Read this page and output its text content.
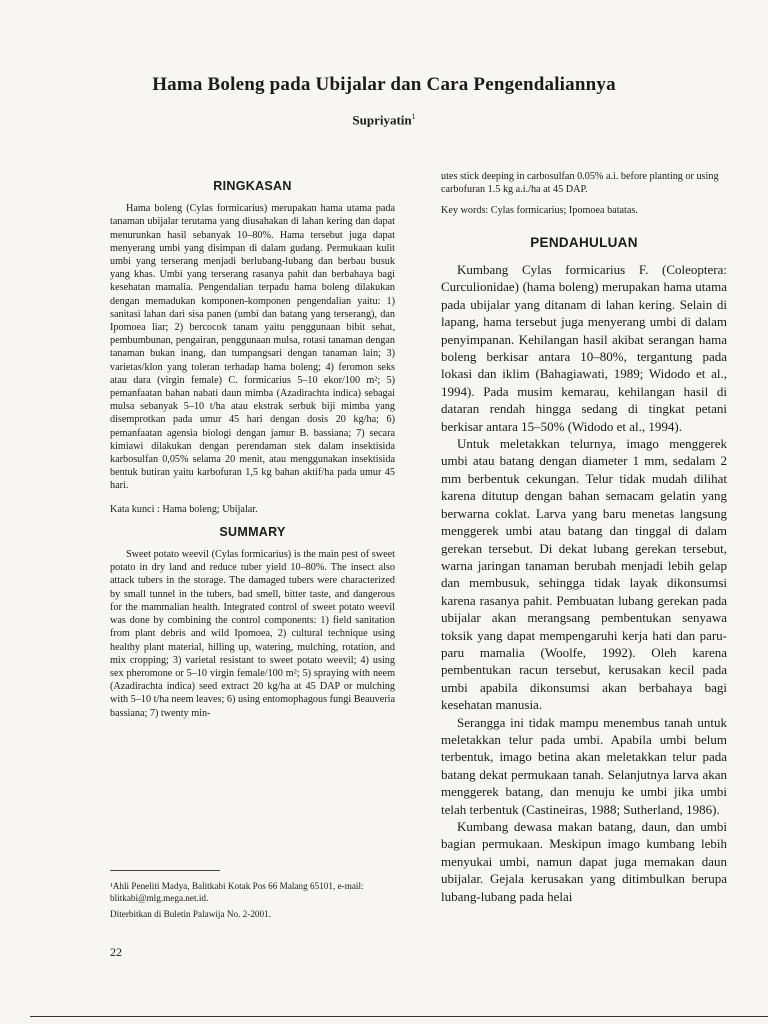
Hama Boleng pada Ubijalar dan Cara Pengendaliannya
Supriyatin$^1$
RINGKASAN

Hama boleng (Cylas formicarius) merupakan hama utama pada tanaman ubijalar terutama yang diusahakan di lahan kering dan dapat menurunkan hasil sebanyak 10–80%. Hama tersebut juga dapat menyerang umbi yang disimpan di dalam gudang. Permukaan kulit umbi yang terserang menjadi berlubang-lubang dan berbau busuk yang khas. Umbi yang terserang rasanya pahit dan berbahaya bagi kesehatan mamalia. Pengendalian terpadu hama boleng dilakukan dengan memadukan komponen-komponen pengendalian yaitu: 1) sanitasi lahan dari sisa panen (umbi dan batang yang terserang), dan Ipomoea liar; 2) bercocok tanam yaitu penggunaan bibit sehat, pembumbunan, pengairan, penggunaan mulsa, rotasi tanaman dengan tanaman bukan inang, dan tumpangsari dengan tanaman lain; 3) varietas/klon yang toleran terhadap hama boleng; 4) feromon seks atau dara (virgin female) C. formicarius 5–10 ekor/100 m²; 5) pemanfaatan bahan nabati daun mimba (Azadirachta indica) sebagai mulsa sebanyak 5–10 t/ha atau ekstrak serbuk biji mimba yang disemprotkan pada umur 45 hari dengan dosis 20 kg/ha; 6) pemanfaatan agensia biologi dengan jamur B. bassiana; 7) secara kimiawi dilakukan dengan perendaman stek dalam insektisida karbosulfan 0,05% selama 20 menit, atau menggunakan insektisida bentuk butiran yaitu karbofuran 1,5 kg bahan aktif/ha pada umur 45 hari.

Kata kunci : Hama boleng; Ubijalar.

SUMMARY

Sweet potato weevil (Cylas formicarius) is the main pest of sweet potato in dry land and reduce tuber yield 10–80%. The insect also attack tubers in the storage. The damaged tubers were characterized by small tunnel in the tubers, bad smell, bitter taste, and dangerous for the mammalian health. Integrated control of sweet potato weevil was done by combining the control components: 1) field sanitation from plant debris and wild Ipomoea, 2) cultural technique using healthy plant material, hilling up, watering, mulching, rotation, and mix cropping; 3) varietal resistant to sweet potato weevil; 4) using sex pheromone or 5–10 virgin female/100 m²; 5) spraying with neem (Azadirachta indica) seed extract 20 kg/ha at 45 DAP or mulching with 5–10 t/ha neem leaves; 6) using entomophagous fungi Beauveria bassiana; 7) twenty min-

utes stick deeping in carbosulfan 0.05% a.i. before planting or using carbofuran 1.5 kg a.i./ha at 45 DAP.

Key words: Cylas formicarius; Ipomoea batatas.

PENDAHULUAN

Kumbang Cylas formicarius F. (Coleoptera: Curculionidae) (hama boleng) merupakan hama utama pada ubijalar yang ditanam di lahan kering. Selain di lapang, hama tersebut juga menyerang umbi di dalam penyimpanan. Kehilangan hasil akibat serangan hama boleng berkisar antara 10–80%, tergantung pada lokasi dan iklim (Bahagiawati, 1989; Widodo et al., 1994). Pada musim kemarau, kehilangan hasil di dataran rendah hingga sedang di tingkat petani berkisar antara 15–50% (Widodo et al., 1994).

Untuk meletakkan telurnya, imago menggerek umbi atau batang dengan diameter 1 mm, sedalam 2 mm berbentuk cekungan. Telur tidak mudah dilihat karena ditutup dengan bahan semacam gelatin yang berwarna coklat. Larva yang baru menetas langsung menggerek umbi atau batang dan tinggal di dalam gerekan tersebut. Di dekat lubang gerekan tersebut, warna jaringan tanaman berubah menjadi lebih gelap dan membusuk, sehingga tidak layak dikonsumsi karena rasanya pahit. Pembuatan lubang gerekan pada ubijalar akan merangsang pembentukan senyawa toksik yang dapat mempengaruhi kerja hati dan paru-paru mamalia (Woolfe, 1992). Oleh karena pembentukan racun tersebut, kerusakan kecil pada umbi apabila dikonsumsi akan berbahaya bagi kesehatan manusia.

Serangga ini tidak mampu menembus tanah untuk meletakkan telur pada umbi. Apabila umbi belum terbentuk, imago betina akan meletakkan telur pada batang dekat permukaan tanah. Selanjutnya larva akan menggerek batang, dan menuju ke umbi jika umbi telah terbentuk (Castineiras, 1988; Sutherland, 1986).

Kumbang dewasa makan batang, daun, dan umbi bagian permukaan. Meskipun imago kumbang lebih menyukai umbi, namun dapat juga memakan daun ubijalar. Gejala kerusakan yang ditimbulkan berupa lubang-lubang pada helai

¹Ahli Peneliti Madya, Balitkabi Kotak Pos 66 Malang 65101, e-mail: blitkabi@mlg.mega.net.id.
Diterbitkan di Buletin Palawija No. 2-2001.
22
